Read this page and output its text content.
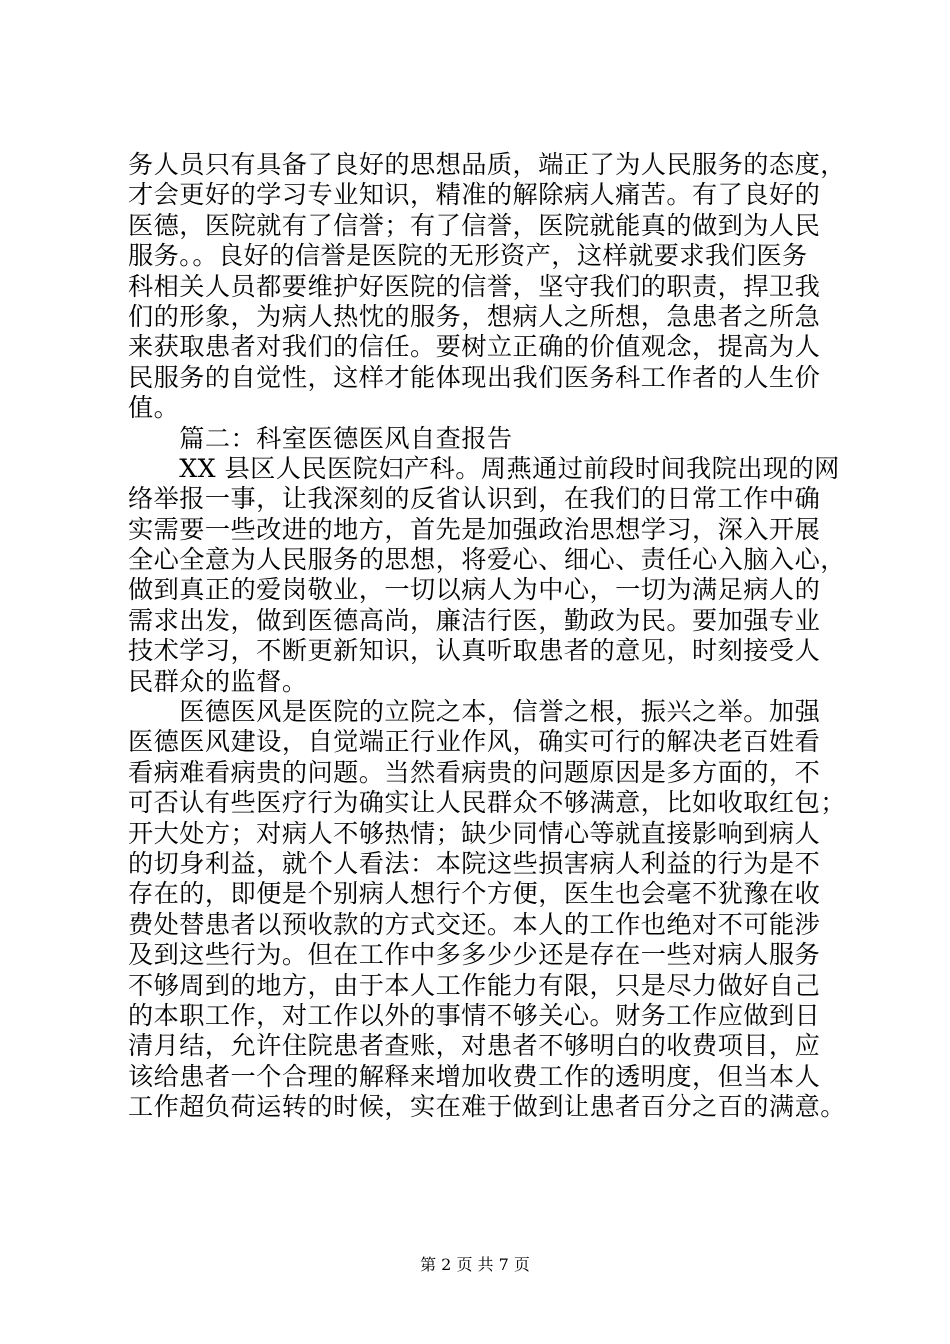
务人员只有具备了良好的思想品质，端正了为人民服务的态度，
才会更好的学习专业知识，精准的解除病人痛苦。有了良好的
医德，医院就有了信誉；有了信誉，医院就能真的做到为人民
服务。。良好的信誉是医院的无形资产，这样就要求我们医务
科相关人员都要维护好医院的信誉，坚守我们的职责，捍卫我
们的形象，为病人热忱的服务，想病人之所想，急患者之所急
来获取患者对我们的信任。要树立正确的价值观念，提高为人
民服务的自觉性，这样才能体现出我们医务科工作者的人生价
值。
　　篇二：科室医德医风自查报告
　　XX 县区人民医院妇产科。周燕通过前段时间我院出现的网
络举报一事，让我深刻的反省认识到，在我们的日常工作中确
实需要一些改进的地方，首先是加强政治思想学习，深入开展
全心全意为人民服务的思想，将爱心、细心、责任心入脑入心，
做到真正的爱岗敬业，一切以病人为中心，一切为满足病人的
需求出发，做到医德高尚，廉洁行医，勤政为民。要加强专业
技术学习，不断更新知识，认真听取患者的意见，时刻接受人
民群众的监督。
　　医德医风是医院的立院之本，信誉之根，振兴之举。加强
医德医风建设，自觉端正行业作风，确实可行的解决老百姓看
看病难看病贵的问题。当然看病贵的问题原因是多方面的，不
可否认有些医疗行为确实让人民群众不够满意，比如收取红包；
开大处方；对病人不够热情；缺少同情心等就直接影响到病人
的切身利益，就个人看法：本院这些损害病人利益的行为是不
存在的，即便是个别病人想行个方便，医生也会毫不犹豫在收
费处替患者以预收款的方式交还。本人的工作也绝对不可能涉
及到这些行为。但在工作中多多少少还是存在一些对病人服务
不够周到的地方，由于本人工作能力有限，只是尽力做好自己
的本职工作，对工作以外的事情不够关心。财务工作应做到日
清月结，允许住院患者查账，对患者不够明白的收费项目，应
该给患者一个合理的解释来增加收费工作的透明度，但当本人
工作超负荷运转的时候，实在难于做到让患者百分之百的满意。
第 2 页 共 7 页
